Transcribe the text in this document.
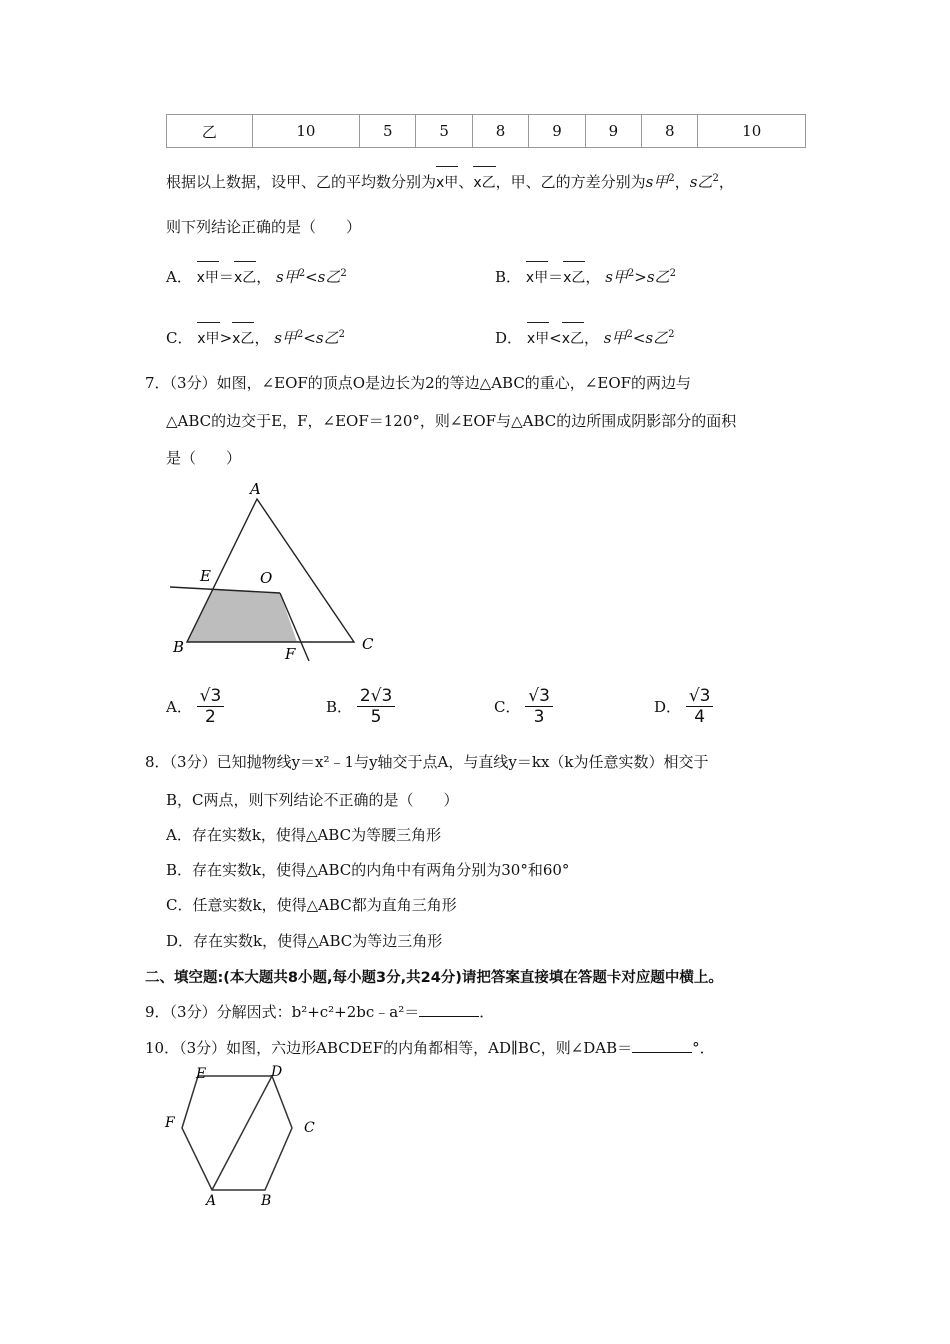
乙	10	5	5	8	9	9	8	10
根据以上数据，设甲、乙的平均数分别为x甲、x乙，甲、乙的方差分别为s甲$^2$，s乙$^2$，
则下列结论正确的是（　　）
A． x甲＝x乙， s甲$^2$<s乙$^2$	B． x甲＝x乙， s甲$^2$>s乙$^2$
C． x甲>x乙， s甲$^2$<s乙$^2$	D． x甲<x乙， s甲$^2$<s乙$^2$
7．（3分）如图，∠EOF的顶点O是边长为2的等边△ABC的重心，∠EOF的两边与
△ABC的边交于E，F，∠EOF＝120°，则∠EOF与△ABC的边所围成阴影部分的面积
是（　　）
A
B	C
E	O
F
A． $\frac{√3}{2}$	B． $\frac{2√3}{5}$	C． $\frac{√3}{3}$	D． $\frac{√3}{4}$
8．（3分）已知抛物线y＝x²﹣1与y轴交于点A，与直线y＝kx（k为任意实数）相交于
B，C两点，则下列结论不正确的是（　　）
A．存在实数k，使得△ABC为等腰三角形
B．存在实数k，使得△ABC的内角中有两角分别为30°和60°
C．任意实数k，使得△ABC都为直角三角形
D．存在实数k，使得△ABC为等边三角形
二、填空题:(本大题共8小题,每小题3分,共24分)请把答案直接填在答题卡对应题中横上。
9．（3分）分解因式：b²+c²+2bc﹣a²＝	．
10．（3分）如图，六边形ABCDEF的内角都相等，AD∥BC，则∠DAB＝	°．
A	B
C
D
E
F
